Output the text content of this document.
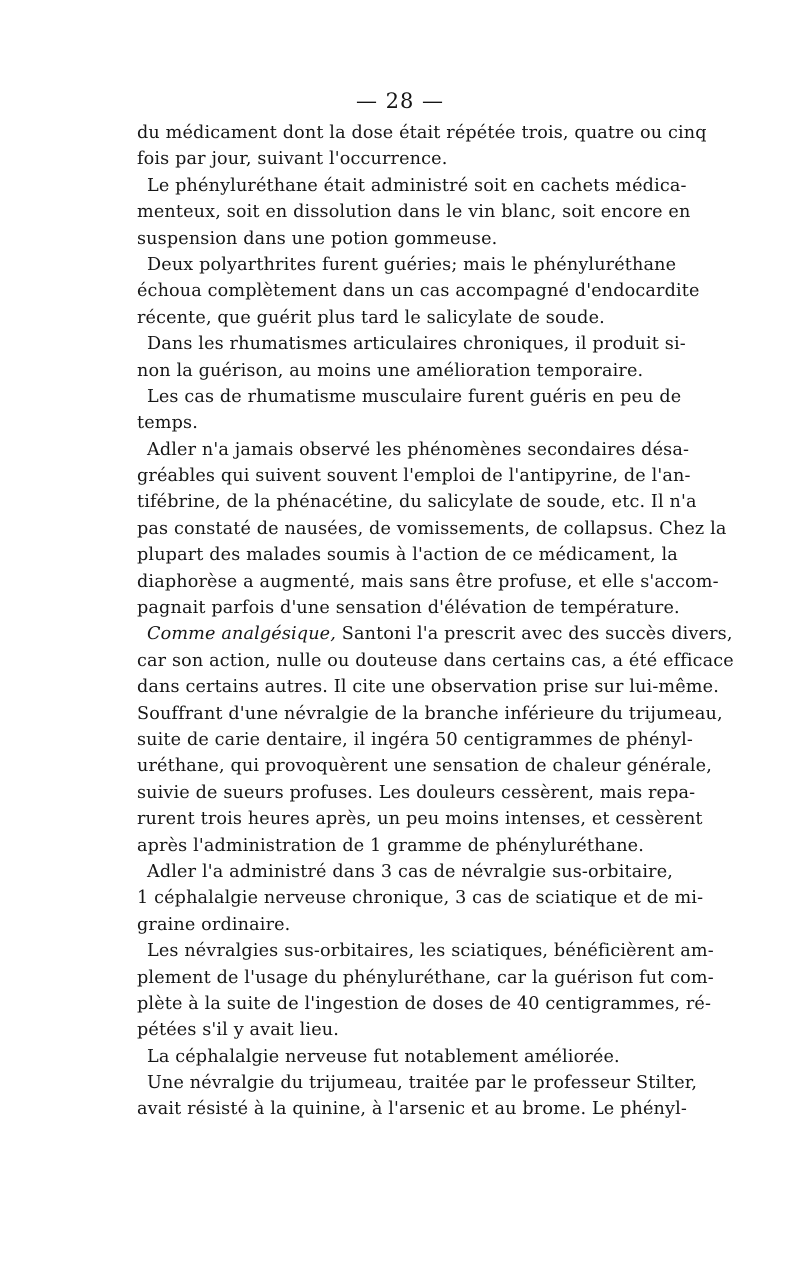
— 28 —
du médicament dont la dose était répétée trois, quatre ou cinq
fois par jour, suivant l'occurrence.
Le phényluréthane était administré soit en cachets médica-
menteux, soit en dissolution dans le vin blanc, soit encore en
suspension dans une potion gommeuse.
Deux polyarthrites furent guéries; mais le phényluréthane
échoua complètement dans un cas accompagné d'endocardite
récente, que guérit plus tard le salicylate de soude.
Dans les rhumatismes articulaires chroniques, il produit si-
non la guérison, au moins une amélioration temporaire.
Les cas de rhumatisme musculaire furent guéris en peu de
temps.
Adler n'a jamais observé les phénomènes secondaires désa-
gréables qui suivent souvent l'emploi de l'antipyrine, de l'an-
tifébrine, de la phénacétine, du salicylate de soude, etc. Il n'a
pas constaté de nausées, de vomissements, de collapsus. Chez la
plupart des malades soumis à l'action de ce médicament, la
diaphorèse a augmenté, mais sans être profuse, et elle s'accom-
pagnait parfois d'une sensation d'élévation de température.
Comme analgésique, Santoni l'a prescrit avec des succès divers,
car son action, nulle ou douteuse dans certains cas, a été efficace
dans certains autres. Il cite une observation prise sur lui-même.
Souffrant d'une névralgie de la branche inférieure du trijumeau,
suite de carie dentaire, il ingéra 50 centigrammes de phényl-
uréthane, qui provoquèrent une sensation de chaleur générale,
suivie de sueurs profuses. Les douleurs cessèrent, mais repa-
rurent trois heures après, un peu moins intenses, et cessèrent
après l'administration de 1 gramme de phényluréthane.
Adler l'a administré dans 3 cas de névralgie sus-orbitaire,
1 céphalalgie nerveuse chronique, 3 cas de sciatique et de mi-
graine ordinaire.
Les névralgies sus-orbitaires, les sciatiques, bénéficièrent am-
plement de l'usage du phényluréthane, car la guérison fut com-
plète à la suite de l'ingestion de doses de 40 centigrammes, ré-
pétées s'il y avait lieu.
La céphalalgie nerveuse fut notablement améliorée.
Une névralgie du trijumeau, traitée par le professeur Stilter,
avait résisté à la quinine, à l'arsenic et au brome. Le phényl-
